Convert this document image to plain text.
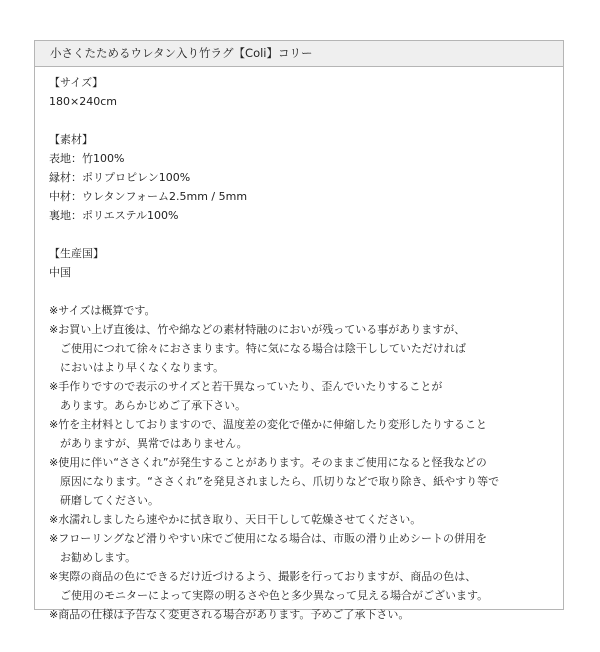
小さくたためるウレタン入り竹ラグ【Coli】コリー
【サイズ】
180×240cm
【素材】
表地：竹100%
縁材：ポリプロピレン100%
中材：ウレタンフォーム2.5mm / 5mm
裏地：ポリエステル100%
【生産国】
中国
※サイズは概算です。
※お買い上げ直後は、竹や綿などの素材特融のにおいが残っている事がありますが、
ご使用につれて徐々におさまります。特に気になる場合は陰干ししていただければ
においはより早くなくなります。
※手作りですので表示のサイズと若干異なっていたり、歪んでいたりすることが
あります。あらかじめご了承下さい。
※竹を主材料としておりますので、温度差の変化で僅かに伸縮したり変形したりすること
がありますが、異常ではありません。
※使用に伴い“ささくれ”が発生することがあります。そのままご使用になると怪我などの
原因になります。“ささくれ”を発見されましたら、爪切りなどで取り除き、紙やすり等で
研磨してください。
※水濡れしましたら速やかに拭き取り、天日干しして乾燥させてください。
※フローリングなど滑りやすい床でご使用になる場合は、市販の滑り止めシートの併用を
お勧めします。
※実際の商品の色にできるだけ近づけるよう、撮影を行っておりますが、商品の色は、
ご使用のモニターによって実際の明るさや色と多少異なって見える場合がございます。
※商品の仕様は予告なく変更される場合があります。予めご了承下さい。
